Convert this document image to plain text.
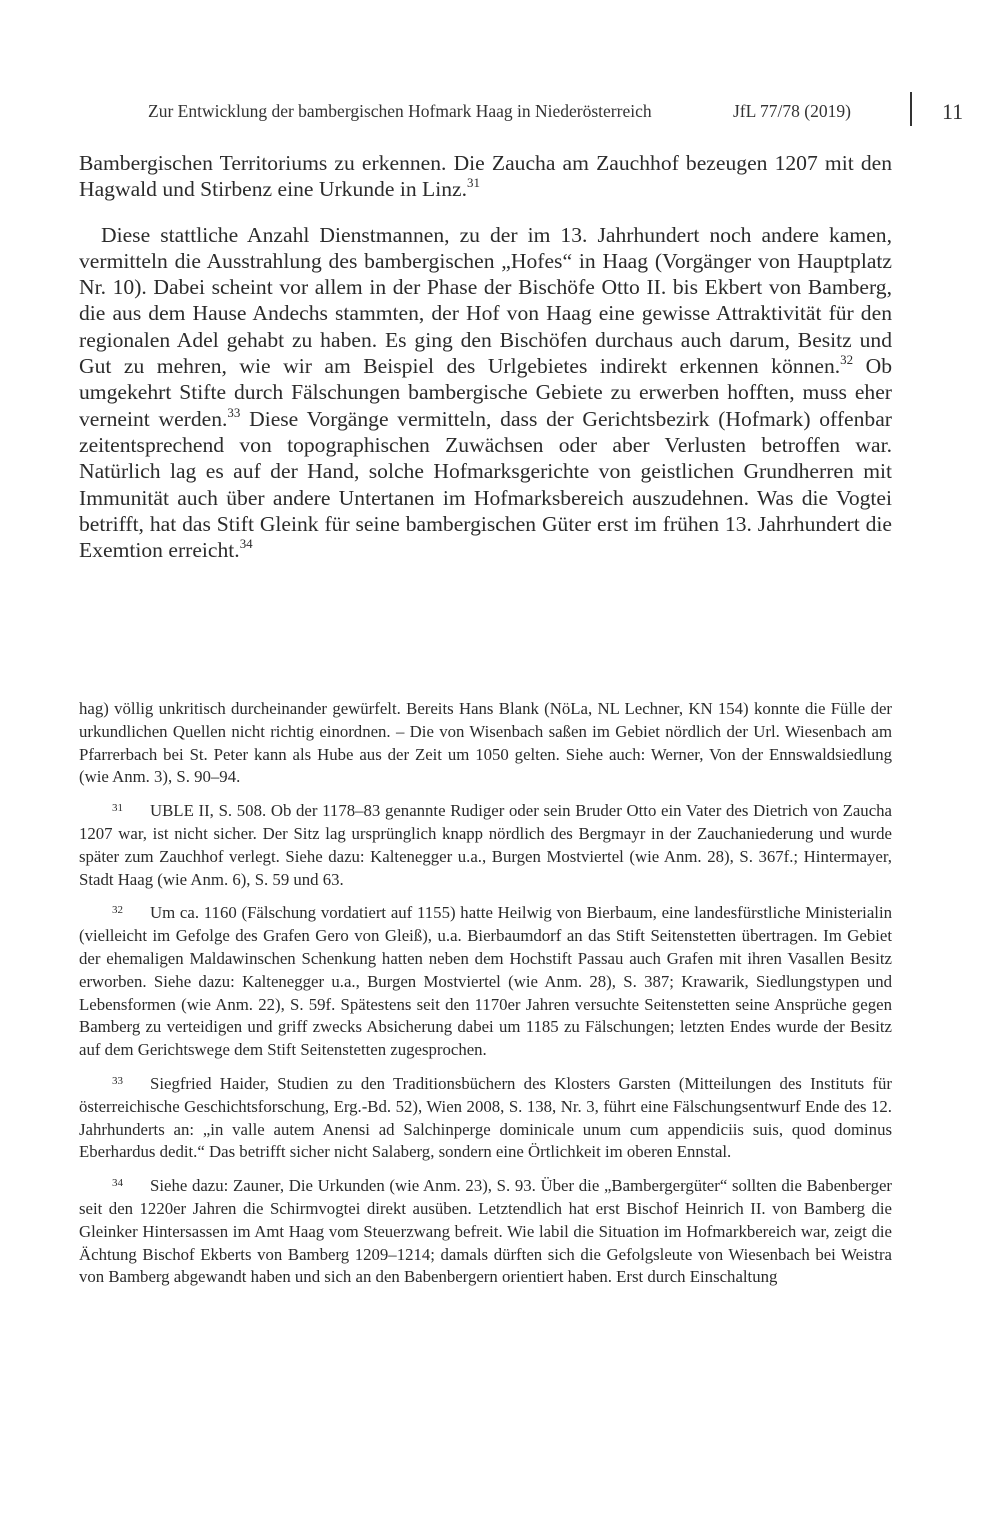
Zur Entwicklung der bambergischen Hofmark Haag in Niederösterreich	JfL 77/78 (2019)	11

Bambergischen Territoriums zu erkennen. Die Zaucha am Zauchhof bezeugen 1207 mit den Hagwald und Stirbenz eine Urkunde in Linz.$^{31}$

Diese stattliche Anzahl Dienstmannen, zu der im 13. Jahrhundert noch andere kamen, vermitteln die Ausstrahlung des bambergischen „Hofes“ in Haag (Vorgänger von Hauptplatz Nr. 10). Dabei scheint vor allem in der Phase der Bischöfe Otto II. bis Ekbert von Bamberg, die aus dem Hause Andechs stammten, der Hof von Haag eine gewisse Attraktivität für den regionalen Adel gehabt zu haben. Es ging den Bischöfen durchaus auch darum, Besitz und Gut zu mehren, wie wir am Beispiel des Urlgebietes indirekt erkennen können.$^{32}$ Ob umgekehrt Stifte durch Fälschungen bambergische Gebiete zu erwerben hofften, muss eher verneint werden.$^{33}$ Diese Vorgänge vermitteln, dass der Gerichtsbezirk (Hofmark) offenbar zeitentsprechend von topographischen Zuwächsen oder aber Verlusten betroffen war. Natürlich lag es auf der Hand, solche Hofmarksgerichte von geistlichen Grundherren mit Immunität auch über andere Untertanen im Hofmarksbereich auszudehnen. Was die Vogtei betrifft, hat das Stift Gleink für seine bambergischen Güter erst im frühen 13. Jahrhundert die Exemtion erreicht.$^{34}$

hag) völlig unkritisch durcheinander gewürfelt. Bereits Hans Blank (NöLa, NL Lechner, KN 154) konnte die Fülle der urkundlichen Quellen nicht richtig einordnen. – Die von Wisenbach saßen im Gebiet nördlich der Url. Wiesenbach am Pfarrerbach bei St. Peter kann als Hube aus der Zeit um 1050 gelten. Siehe auch: Werner, Von der Ennswaldsiedlung (wie Anm. 3), S. 90–94.

31 UBLE II, S. 508. Ob der 1178–83 genannte Rudiger oder sein Bruder Otto ein Vater des Dietrich von Zaucha 1207 war, ist nicht sicher. Der Sitz lag ursprünglich knapp nördlich des Bergmayr in der Zauchaniederung und wurde später zum Zauchhof verlegt. Siehe dazu: Kaltenegger u.a., Burgen Mostviertel (wie Anm. 28), S. 367f.; Hintermayer, Stadt Haag (wie Anm. 6), S. 59 und 63.

32 Um ca. 1160 (Fälschung vordatiert auf 1155) hatte Heilwig von Bierbaum, eine landesfürstliche Ministerialin (vielleicht im Gefolge des Grafen Gero von Gleiß), u.a. Bierbaumdorf an das Stift Seitenstetten übertragen. Im Gebiet der ehemaligen Maldawinschen Schenkung hatten neben dem Hochstift Passau auch Grafen mit ihren Vasallen Besitz erworben. Siehe dazu: Kaltenegger u.a., Burgen Mostviertel (wie Anm. 28), S. 387; Krawarik, Siedlungstypen und Lebensformen (wie Anm. 22), S. 59f. Spätestens seit den 1170er Jahren versuchte Seitenstetten seine Ansprüche gegen Bamberg zu verteidigen und griff zwecks Absicherung dabei um 1185 zu Fälschungen; letzten Endes wurde der Besitz auf dem Gerichtswege dem Stift Seitenstetten zugesprochen.

33 Siegfried Haider, Studien zu den Traditionsbüchern des Klosters Garsten (Mitteilungen des Instituts für österreichische Geschichtsforschung, Erg.-Bd. 52), Wien 2008, S. 138, Nr. 3, führt eine Fälschungsentwurf Ende des 12. Jahrhunderts an: „in valle autem Anensi ad Salchinperge dominicale unum cum appendiciis suis, quod dominus Eberhardus dedit.“ Das betrifft sicher nicht Salaberg, sondern eine Örtlichkeit im oberen Ennstal.

34 Siehe dazu: Zauner, Die Urkunden (wie Anm. 23), S. 93. Über die „Bambergergüter“ sollten die Babenberger seit den 1220er Jahren die Schirmvogtei direkt ausüben. Letztendlich hat erst Bischof Heinrich II. von Bamberg die Gleinker Hintersassen im Amt Haag vom Steuerzwang befreit. Wie labil die Situation im Hofmarkbereich war, zeigt die Ächtung Bischof Ekberts von Bamberg 1209–1214; damals dürften sich die Gefolgsleute von Wiesenbach bei Weistra von Bamberg abgewandt haben und sich an den Babenbergern orientiert haben. Erst durch Einschaltung
